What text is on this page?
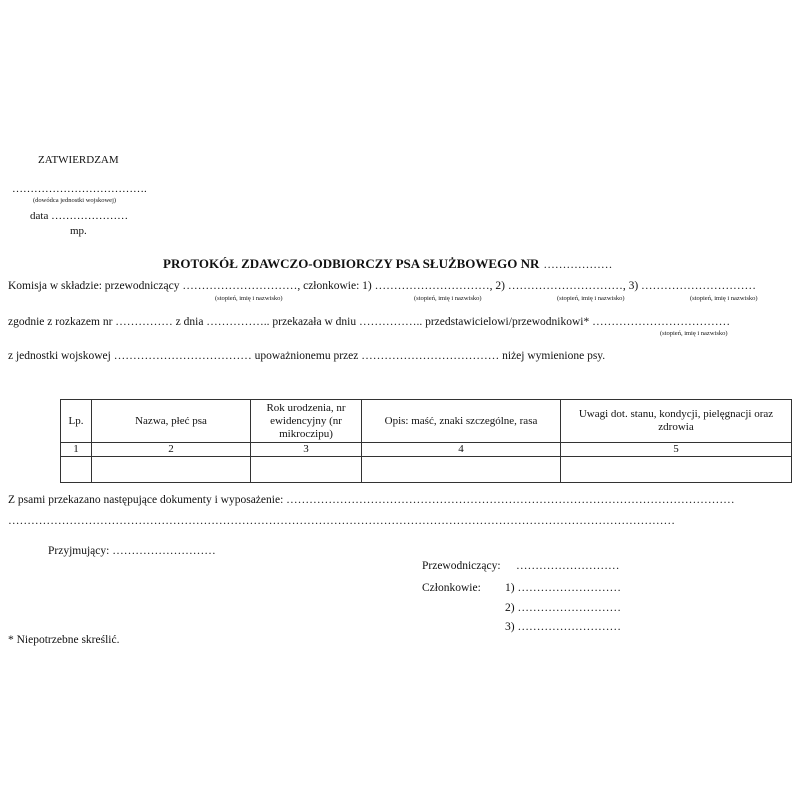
ZATWIERDZAM
……………………………….
(dowódca jednostki wojskowej)
data …………………
mp.
PROTOKÓŁ ZDAWCZO-ODBIORCZY PSA SŁUŻBOWEGO NR ………………
Komisja w składzie: przewodniczący …………………………, członkowie: 1) …………………………, 2) …………………………, 3) …………………………
(stopień, imię i nazwisko)	(stopień, imię i nazwisko)	(stopień, imię i nazwisko)	(stopień, imię i nazwisko)
zgodnie z rozkazem nr …………… z dnia …………….. przekazała w dniu …………….. przedstawicielowi/przewodnikowi* ………………………………
(stopień, imię i nazwisko)
z jednostki wojskowej ……………………………… upoważnionemu przez ……………………………… niżej wymienione psy.
Lp.	Nazwa, płeć psa	Rok urodzenia, nr ewidencyjny (nr mikroczipu)	Opis: maść, znaki szczególne, rasa	Uwagi dot. stanu, kondycji, pielęgnacji oraz zdrowia
1	2	3	4	5

Z psami przekazano następujące dokumenty i wyposażenie: ………………………………………………………………………………………………………
…………………………………………………………………………………………………………………………………………………………
Przyjmujący: ………………………
Przewodniczący: ………………………
Członkowie: 1) ………………………
2) ………………………
3) ………………………
* Niepotrzebne skreślić.
